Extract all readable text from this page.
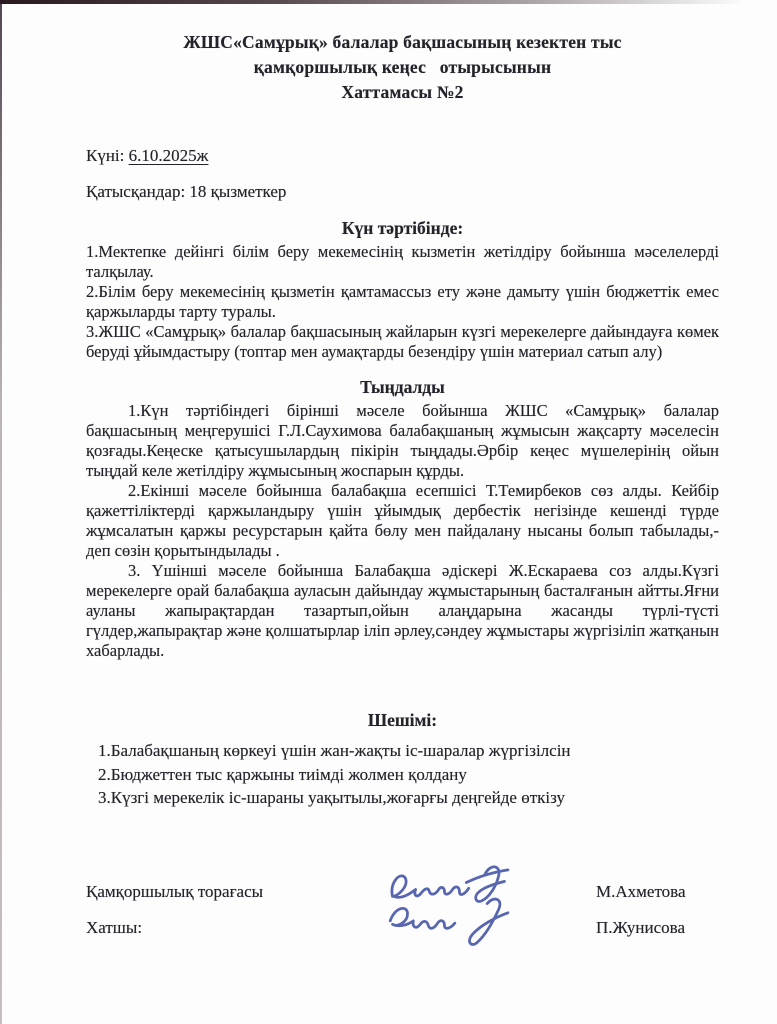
ЖШС«Самұрық» балалар бақшасының кезектен тыс
қамқоршылық кеңес   отырысынын
Хаттамасы №2
Күні: 6.10.2025ж
Қатысқандар: 18 қызметкер
Күн тәртібінде:

1.Мектепке дейінгі білім беру мекемесінің кызметін жетілдіру бойынша мәселелерді талқылау.

2.Білім беру мекемесінің қызметін қамтамассыз ету және дамыту үшін бюджеттік емес қаржыларды тарту туралы.

3.ЖШС «Самұрық» балалар бақшасының жайларын күзгі мерекелерге дайындауға көмек беруді ұйымдастыру (топтар мен аумақтарды безендіру үшін материал сатып алу)

Тыңдалды

1.Күн тәртібіндегі бірінші мәселе бойынша ЖШС «Самұрық» балалар бақшасының меңгерушісі Г.Л.Саухимова балабақшаның жұмысын жақсарту мәселесін қозғады.Кеңеске қатысушылардың пікірін тыңдады.Әрбір кеңес мүшелерінің ойын тыңдай келе жетілдіру жұмысының жоспарын құрды.

2.Екінші мәселе бойынша балабақша есепшісі Т.Темирбеков сөз алды. Кейбір қажеттіліктерді қаржыландыру үшін ұйымдық дербестік негізінде кешенді түрде жұмсалатын қаржы ресурстарын қайта бөлу мен пайдалану нысаны болып табылады,-деп сөзін қорытындылады .

3. Үшінші мәселе бойынша Балабақша әдіскері Ж.Ескараева соз алды.Күзгі мерекелерге орай балабақша ауласын дайындау жұмыстарының басталғанын айтты.Яғни ауланы жапырақтардан тазартып,ойын алаңдарына жасанды түрлі-түсті гүлдер,жапырақтар және қолшатырлар іліп әрлеу,сәндеу жұмыстары жүргізіліп жатқанын хабарлады.

Шешімі:
1.Балабақшаның көркеуі үшін жан-жақты іс-шаралар жүргізілсін
2.Бюджеттен тыс қаржыны тиімді жолмен қолдану
3.Күзгі мерекелік іс-шараны уақытылы,жоғарғы деңгейде өткізу
Қамқоршылық торағасы	М.Ахметова
Хатшы:	П.Жунисова
